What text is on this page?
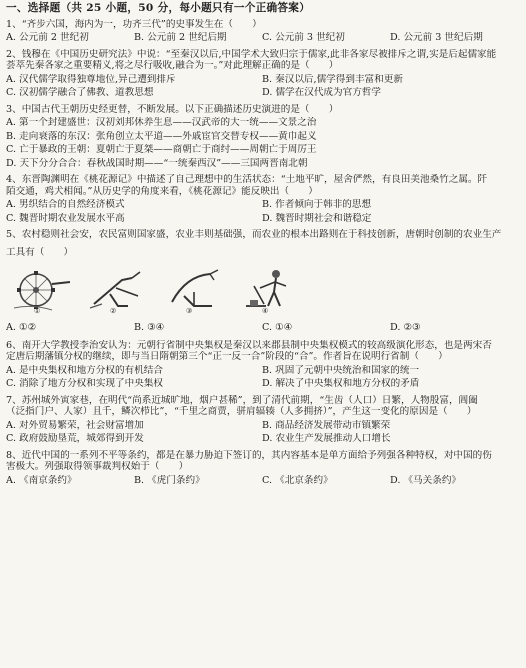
一、选择题（共 25 小题，50 分，每小题只有一个正确答案）
1、“齐步六国，海内为一，功齐三代”的史事发生在（　　）
A. 公元前 2 世纪初	B. 公元前 2 世纪后期	C. 公元前 3 世纪初	D. 公元前 3 世纪后期
2、钱穆在《中国历史研究法》中说：“至秦汉以后,中国学术大致归宗于儒家,此非各家尽被排斥之谓,实是后起儒家能
荟萃先秦各家之重要精义,将之尽行吸收,融合为一。”对此理解正确的是（　　）
A. 汉代儒学取得独尊地位,异己遭到排斥	B. 秦汉以后,儒学得到丰富和更新
C. 汉初儒学融合了佛教、道教思想	D. 儒学在汉代成为官方哲学
3、中国古代王朝历史经更替，不断发展。以下正确描述历史演进的是（　　）
A. 第一个封建盛世：汉初刘邦休养生息——汉武帝的大一统——文景之治
B. 走向衰落的东汉：张角创立太平道——外戚宦官交替专权——黄巾起义
C. 亡于暴政的王朝：夏朝亡于夏桀——商朝亡于商纣——周朝亡于周厉王
D. 天下分分合合：春秋战国时期——“一统秦西汉”——三国两晋南北朝
4、东晋陶渊明在《桃花源记》中描述了自己理想中的生活状态：“土地平旷，屋舍俨然，有良田美池桑竹之属。阡
陌交通，鸡犬相闻。”从历史学的角度来看，《桃花源记》能反映出（　　）
A. 男织结合的自然经济模式	B. 作者倾向于韩非的思想
C. 魏晋时期农业发展水平高	D. 魏晋时期社会和谐稳定
5、农村稳则社会安，农民富则国家盛，农业丰则基础强，而农业的根本出路则在于科技创新，唐朝时创制的农业生产
工具有（　　）
①	②	③	④
A. ①②	B. ③④	C. ①④	D. ②③
6、南开大学教授李治安认为：元朝行省制中央集权是秦汉以来郡县制中央集权模式的较高级演化形态，也是两宋否
定唐后期藩镇分权的继续，即与当日隋朝第三个“正一反一合”阶段的“合”。作者旨在说明行省制（　　）
A. 是中央集权和地方分权的有机结合	B. 巩固了元朝中央统治和国家的统一
C. 消除了地方分权和实现了中央集权	D. 解决了中央集权和地方分权的矛盾
7、苏州城外寅家巷，在明代“尚系近城旷地，烟户甚稀”，到了清代前期，“生齿（人口）日繁，人物殷富，阊阖
（泛指门户、人家）且千，鳞次栉比”，“千里之商贾，骈肩辐辏（人多拥挤）”，产生这一变化的原因是（　　）
A. 对外贸易繁荣，社会财富增加	B. 商品经济发展带动市镇繁荣
C. 政府鼓励垦荒，城郊得到开发	D. 农业生产发展推动人口增长
8、近代中国的一系列不平等条约，都是在暴力胁迫下签订的，其内容基本是单方面给予列强各种特权，对中国的伤
害极大。列强取得领事裁判权始于（　　）
A. 《南京条约》	B. 《虎门条约》	C. 《北京条约》	D. 《马关条约》
